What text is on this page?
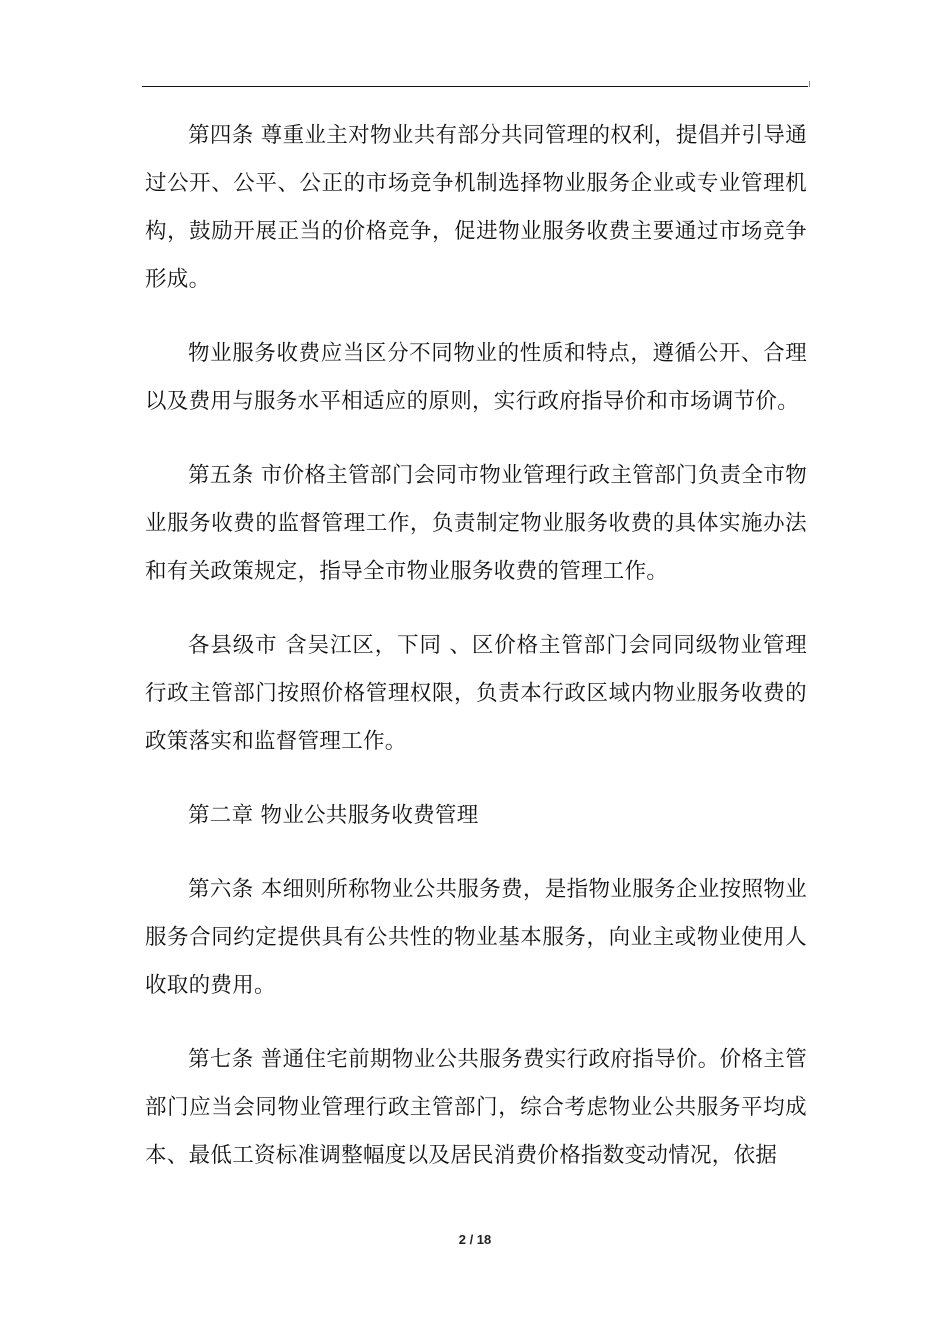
第四条 尊重业主对物业共有部分共同管理的权利，提倡并引导通过公开、公平、公正的市场竞争机制选择物业服务企业或专业管理机构，鼓励开展正当的价格竞争，促进物业服务收费主要通过市场竞争形成。

物业服务收费应当区分不同物业的性质和特点，遵循公开、合理以及费用与服务水平相适应的原则，实行政府指导价和市场调节价。

第五条 市价格主管部门会同市物业管理行政主管部门负责全市物业服务收费的监督管理工作，负责制定物业服务收费的具体实施办法和有关政策规定，指导全市物业服务收费的管理工作。

各县级市 含吴江区，下同 、区价格主管部门会同同级物业管理行政主管部门按照价格管理权限，负责本行政区域内物业服务收费的政策落实和监督管理工作。

第二章 物业公共服务收费管理

第六条 本细则所称物业公共服务费，是指物业服务企业按照物业服务合同约定提供具有公共性的物业基本服务，向业主或物业使用人收取的费用。

第七条 普通住宅前期物业公共服务费实行政府指导价。价格主管部门应当会同物业管理行政主管部门，综合考虑物业公共服务平均成本、最低工资标准调整幅度以及居民消费价格指数变动情况，依据

2 / 18
